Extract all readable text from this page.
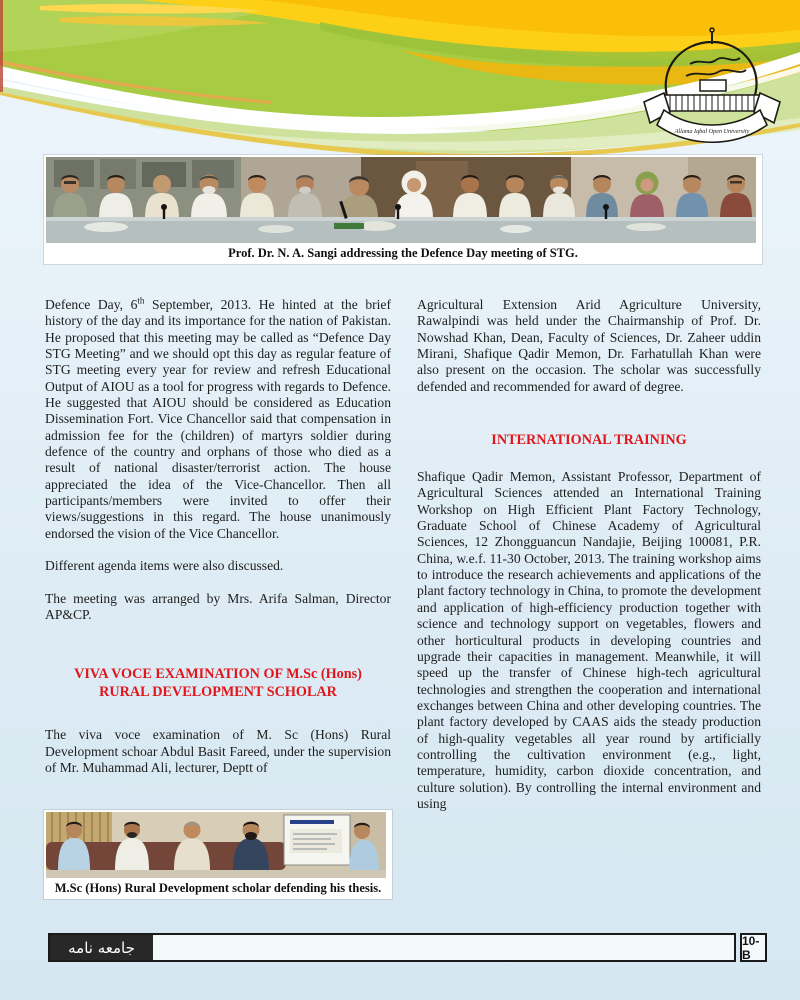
Allama Iqbal Open University
Prof. Dr. N. A. Sangi addressing the Defence Day meeting of STG.

Defence Day, 6th September, 2013. He hinted at the brief history of the day and its importance for the nation of Pakistan. He proposed that this meeting may be called as “Defence Day STG Meeting” and we should opt this day as regular feature of STG meeting every year for review and refresh Educational Output of AIOU as a tool for progress with regards to Defence. He suggested that AIOU should be considered as Education Dissemination Fort. Vice Chancellor said that compensation in admission fee for the (children) of martyrs soldier during defence of the country and orphans of those who died as a result of national disaster/terrorist action. The house appreciated the idea of the Vice-Chancellor. Then all participants/members were invited to offer their views/suggestions in this regard. The house unanimously endorsed the vision of the Vice Chancellor.

Different agenda items were also discussed.

The meeting was arranged by Mrs. Arifa Salman, Director AP&CP.

VIVA VOCE EXAMINATION OF M.Sc (Hons) RURAL DEVELOPMENT SCHOLAR

The viva voce examination of M. Sc (Hons) Rural Development schoar Abdul Basit Fareed, under the supervision of Mr. Muhammad Ali, lecturer, Deptt of

Agricultural Extension Arid Agriculture University, Rawalpindi was held under the Chairmanship of Prof. Dr. Nowshad Khan, Dean, Faculty of Sciences, Dr. Zaheer uddin Mirani, Shafique Qadir Memon, Dr. Farhatullah Khan were also present on the occasion. The scholar was successfully defended and recommended for award of degree.

INTERNATIONAL TRAINING

Shafique Qadir Memon, Assistant Professor, Department of Agricultural Sciences attended an International Training Workshop on High Efficient Plant Factory Technology, Graduate School of Chinese Academy of Agricultural Sciences, 12 Zhongguancun Nandajie, Beijing 100081, P.R. China, w.e.f. 11-30 October, 2013. The training workshop aims to introduce the research achievements and applications of the plant factory technology in China, to promote the development and application of high-efficiency production together with science and technology support on vegetables, flowers and other horticultural products in developing countries and upgrade their capacities in management. Meanwhile, it will speed up the transfer of Chinese high-tech agricultural technologies and strengthen the cooperation and international exchanges between China and other developing countries. The plant factory developed by CAAS aids the steady production of high-quality vegetables all year round by artificially controlling the cultivation environment (e.g., light, temperature, humidity, carbon dioxide concentration, and culture solution). By controlling the internal environment and using

M.Sc (Hons) Rural Development scholar defending his thesis.
جامعه نامه	10-B
